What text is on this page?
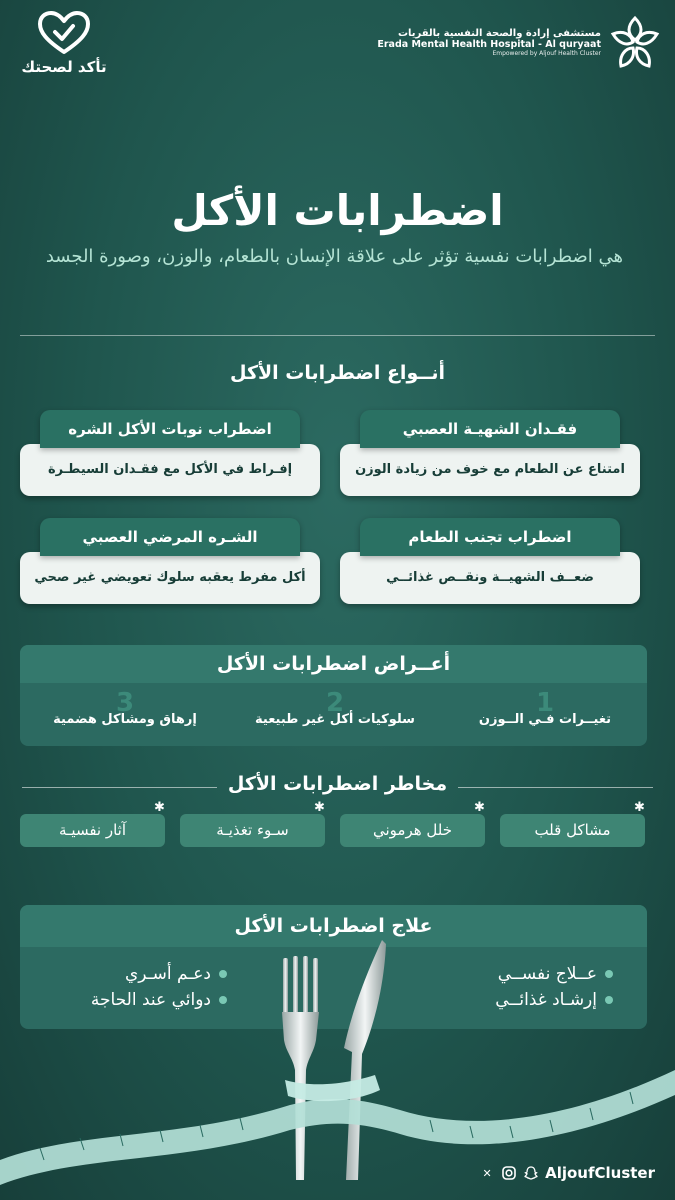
تأكد لصحتك
مستشفى إرادة والصحة النفسية بالقريات
Erada Mental Health Hospital - Al quryaat
Empowered by Aljouf Health Cluster
اضطرابات الأكل
هي اضطرابات نفسية تؤثر على علاقة الإنسان بالطعام، والوزن، وصورة الجسد
أنــواع اضطرابات الأكل
امتناع عن الطعام مع خوف من زيادة الوزن
فقـدان الشهيـة العصبي
إفـراط في الأكل مع فقـدان السيطـرة
اضطراب نوبات الأكل الشره
ضعــف الشهيــة ونقــص غذائــي
اضطراب تجنب الطعام
أكل مفرط يعقبه سلوك تعويضي غير صحي
الشـره المرضي العصبي
أعــراض اضطرابات الأكل
1
تغيــرات فـي الــوزن
2
سلوكيات أكل غير طبيعية
3
إرهاق ومشاكل هضمية
مخاطر اضطرابات الأكل
مشاكل قلب
خلل هرموني
سـوء تغذيـة
آثار نفسيـة
✱
✱
✱
✱
علاج اضطرابات الأكل
عــلاج نفســي
إرشـاد غذائــي
دعـم أسـري
دوائي عند الحاجة
✕	AljoufCluster
